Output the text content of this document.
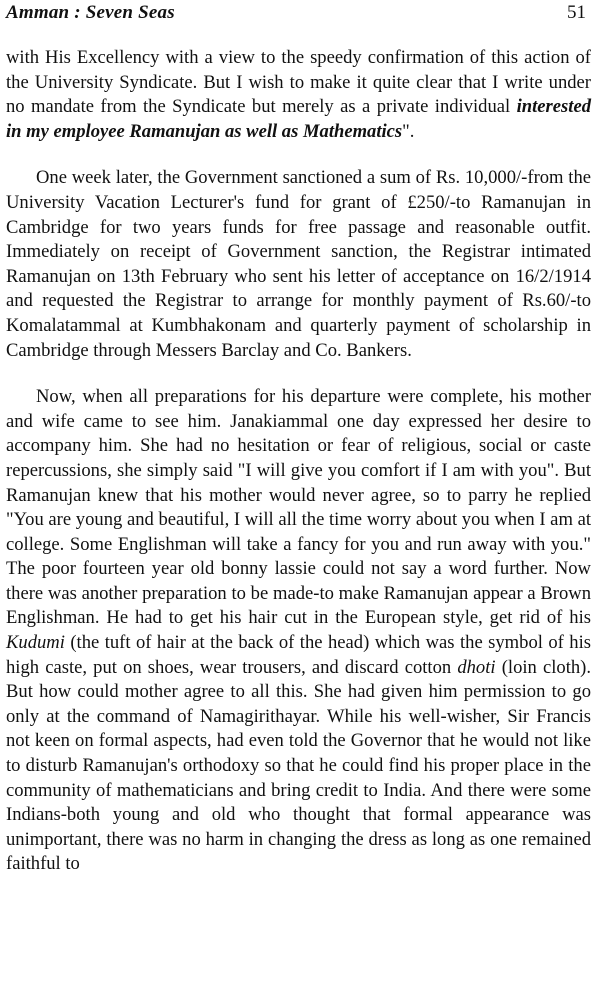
Amman : Seven Seas	51

with His Excellency with a view to the speedy confirmation of this action of the University Syndicate. But I wish to make it quite clear that I write under no mandate from the Syndicate but merely as a private individual interested in my employee Ramanujan as well as Mathematics".

One week later, the Government sanctioned a sum of Rs. 10,000/-from the University Vacation Lecturer's fund for grant of £250/-to Ramanujan in Cambridge for two years funds for free passage and reasonable outfit. Immediately on receipt of Government sanction, the Registrar intimated Ramanujan on 13th February who sent his letter of acceptance on 16/2/1914 and requested the Registrar to arrange for monthly payment of Rs.60/-to Komalatammal at Kumbhakonam and quarterly payment of scholarship in Cambridge through Messers Barclay and Co. Bankers.

Now, when all preparations for his departure were complete, his mother and wife came to see him. Janakiammal one day expressed her desire to accompany him. She had no hesitation or fear of religious, social or caste repercussions, she simply said "I will give you comfort if I am with you". But Ramanujan knew that his mother would never agree, so to parry he replied "You are young and beautiful, I will all the time worry about you when I am at college. Some Englishman will take a fancy for you and run away with you." The poor fourteen year old bonny lassie could not say a word further. Now there was another preparation to be made-to make Ramanujan appear a Brown Englishman. He had to get his hair cut in the European style, get rid of his Kudumi (the tuft of hair at the back of the head) which was the symbol of his high caste, put on shoes, wear trousers, and discard cotton dhoti (loin cloth). But how could mother agree to all this. She had given him permission to go only at the command of Namagirithayar. While his well-wisher, Sir Francis not keen on formal aspects, had even told the Governor that he would not like to disturb Ramanujan's orthodoxy so that he could find his proper place in the community of mathematicians and bring credit to India. And there were some Indians-both young and old who thought that formal appearance was unimportant, there was no harm in changing the dress as long as one remained faithful to
